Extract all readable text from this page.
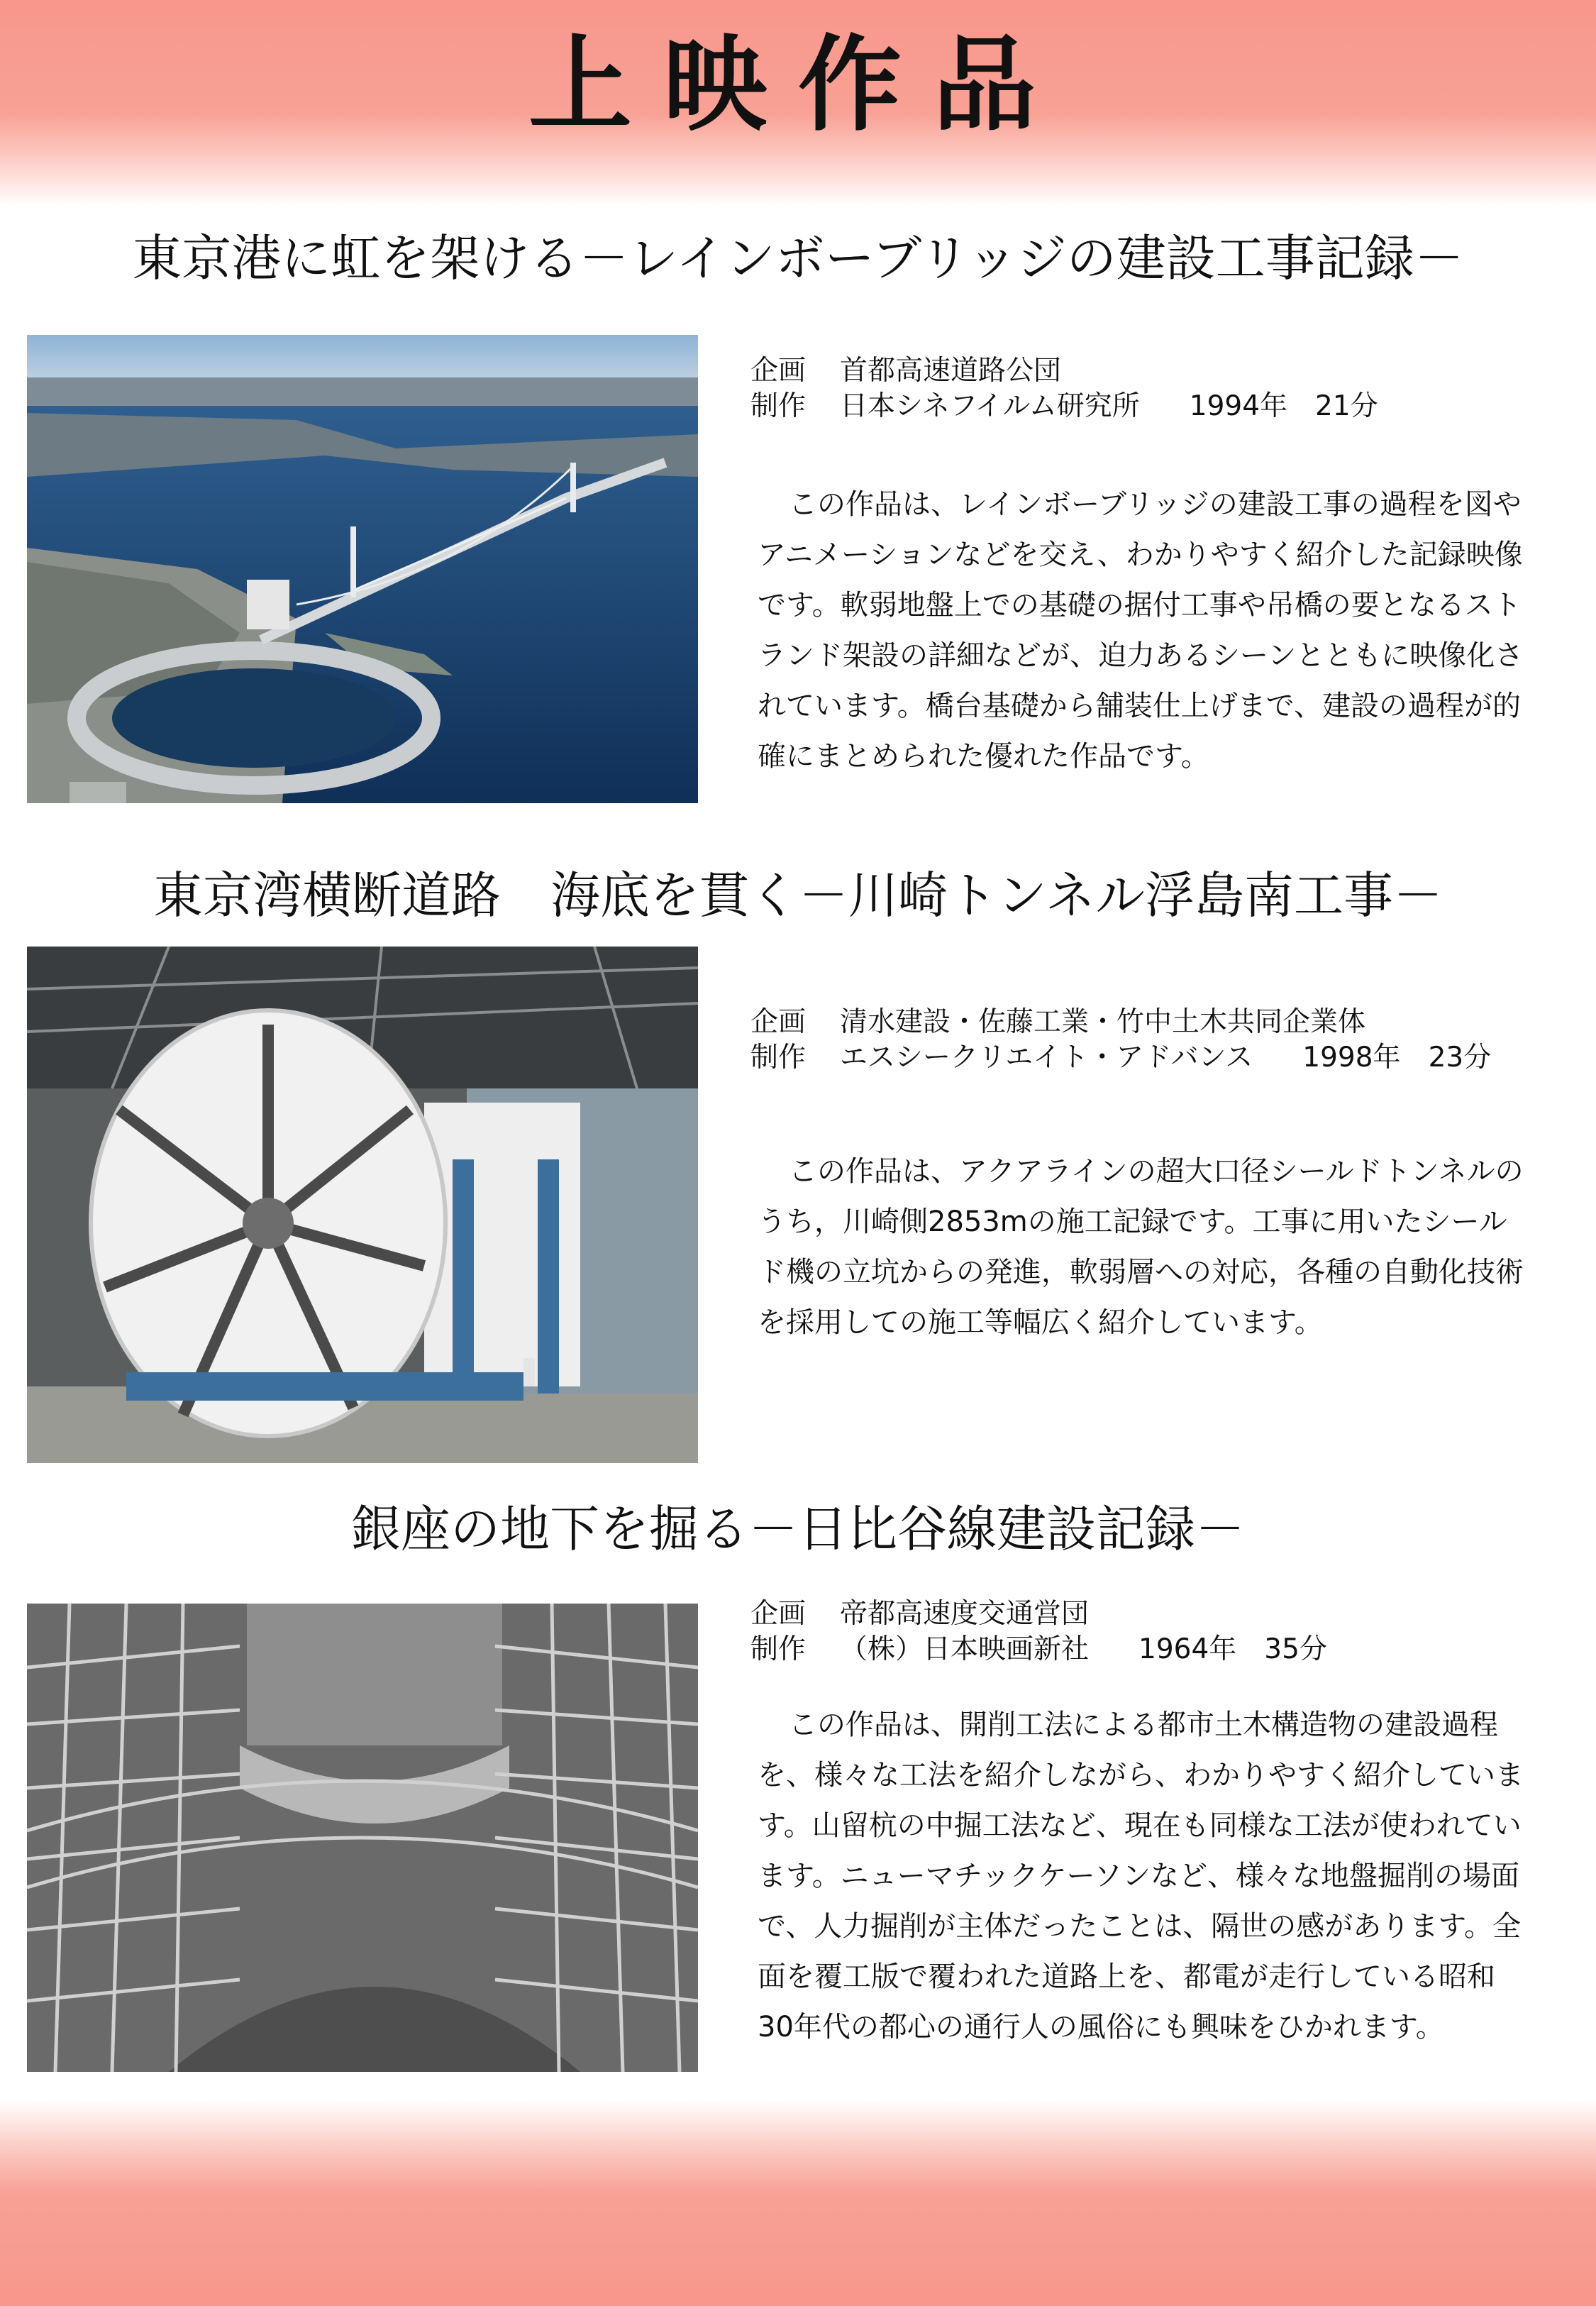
上映作品
東京港に虹を架ける－レインボーブリッジの建設工事記録－
企画 首都高速道路公団
制作 日本シネフイルム研究所 1994年　 21分
この作品は、レインボーブリッジの建設工事の過程を図やアニメーションなどを交え、わかりやすく紹介した記録映像です。軟弱地盤上での基礎の据付工事や吊橋の要となるストランド架設の詳細などが、迫力あるシーンとともに映像化されています。橋台基礎から舗装仕上げまで、建設の過程が的確にまとめられた優れた作品です。
東京湾横断道路　海底を貫く－川崎トンネル浮島南工事－
企画 清水建設・佐藤工業・竹中土木共同企業体
制作 エスシークリエイト・アドバンス 1998年　 23分
この作品は、アクアラインの超大口径シールドトンネルのうち，川崎側2853mの施工記録です。工事に用いたシールド機の立坑からの発進，軟弱層への対応，各種の自動化技術を採用しての施工等幅広く紹介しています。
銀座の地下を掘る－日比谷線建設記録－
企画 帝都高速度交通営団
制作 （株）日本映画新社 1964年　 35分
この作品は、開削工法による都市土木構造物の建設過程を、様々な工法を紹介しながら、わかりやすく紹介しています。山留杭の中掘工法など、現在も同様な工法が使われています。ニューマチックケーソンなど、様々な地盤掘削の場面で、人力掘削が主体だったことは、隔世の感があります。全面を覆工版で覆われた道路上を、都電が走行している昭和30年代の都心の通行人の風俗にも興味をひかれます。
